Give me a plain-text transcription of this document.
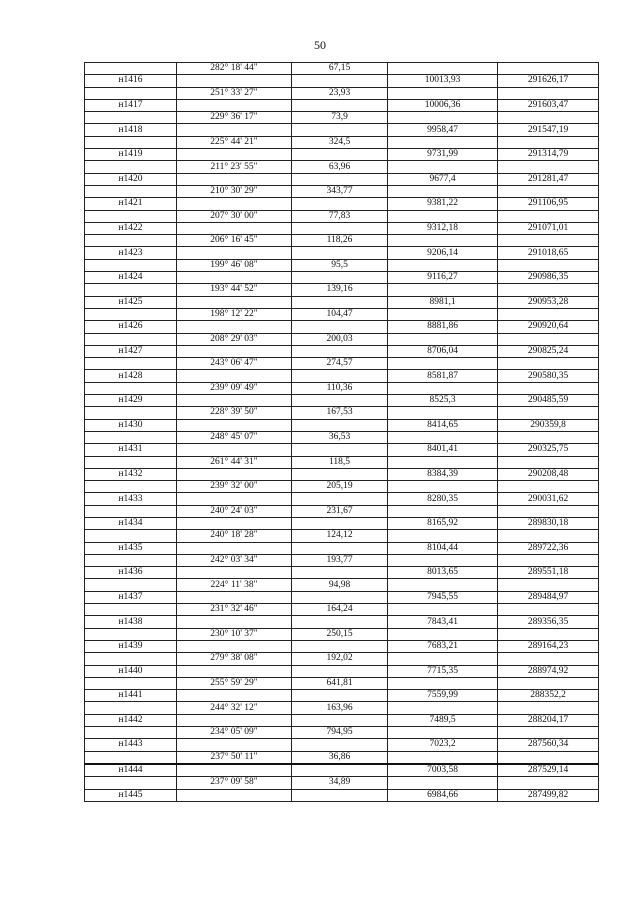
50
	282° 18' 44"	67,15		
н1416			10013,93	291626,17
	251° 33' 27"	23,93		
н1417			10006,36	291603,47
	229° 36' 17"	73,9		
н1418			9958,47	291547,19
	225° 44' 21"	324,5		
н1419			9731,99	291314,79
	211° 23' 55"	63,96		
н1420			9677,4	291281,47
	210° 30' 29"	343,77		
н1421			9381,22	291106,95
	207° 30' 00"	77,83		
н1422			9312,18	291071,01
	206° 16' 45"	118,26		
н1423			9206,14	291018,65
	199° 46' 08"	95,5		
н1424			9116,27	290986,35
	193° 44' 52"	139,16		
н1425			8981,1	290953,28
	198° 12' 22"	104,47		
н1426			8881,86	290920,64
	208° 29' 03"	200,03		
н1427			8706,04	290825,24
	243° 06' 47"	274,57		
н1428			8581,87	290580,35
	239° 09' 49"	110,36		
н1429			8525,3	290485,59
	228° 39' 50"	167,53		
н1430			8414,65	290359,8
	248° 45' 07"	36,53		
н1431			8401,41	290325,75
	261° 44' 31"	118,5		
н1432			8384,39	290208,48
	239° 32' 00"	205,19		
н1433			8280,35	290031,62
	240° 24' 03"	231,67		
н1434			8165,92	289830,18
	240° 18' 28"	124,12		
н1435			8104,44	289722,36
	242° 03' 34"	193,77		
н1436			8013,65	289551,18
	224° 11' 38"	94,98		
н1437			7945,55	289484,97
	231° 32' 46"	164,24		
н1438			7843,41	289356,35
	230° 10' 37"	250,15		
н1439			7683,21	289164,23
	279° 38' 08"	192,02		
н1440			7715,35	288974,92
	255° 59' 29"	641,81		
н1441			7559,99	288352,2
	244° 32' 12"	163,96		
н1442			7489,5	288204,17
	234° 05' 09"	794,95		
н1443			7023,2	287560,34
	237° 50' 11"	36,86		
н1444			7003,58	287529,14
	237° 09' 58"	34,89		
н1445			6984,66	287499,82
